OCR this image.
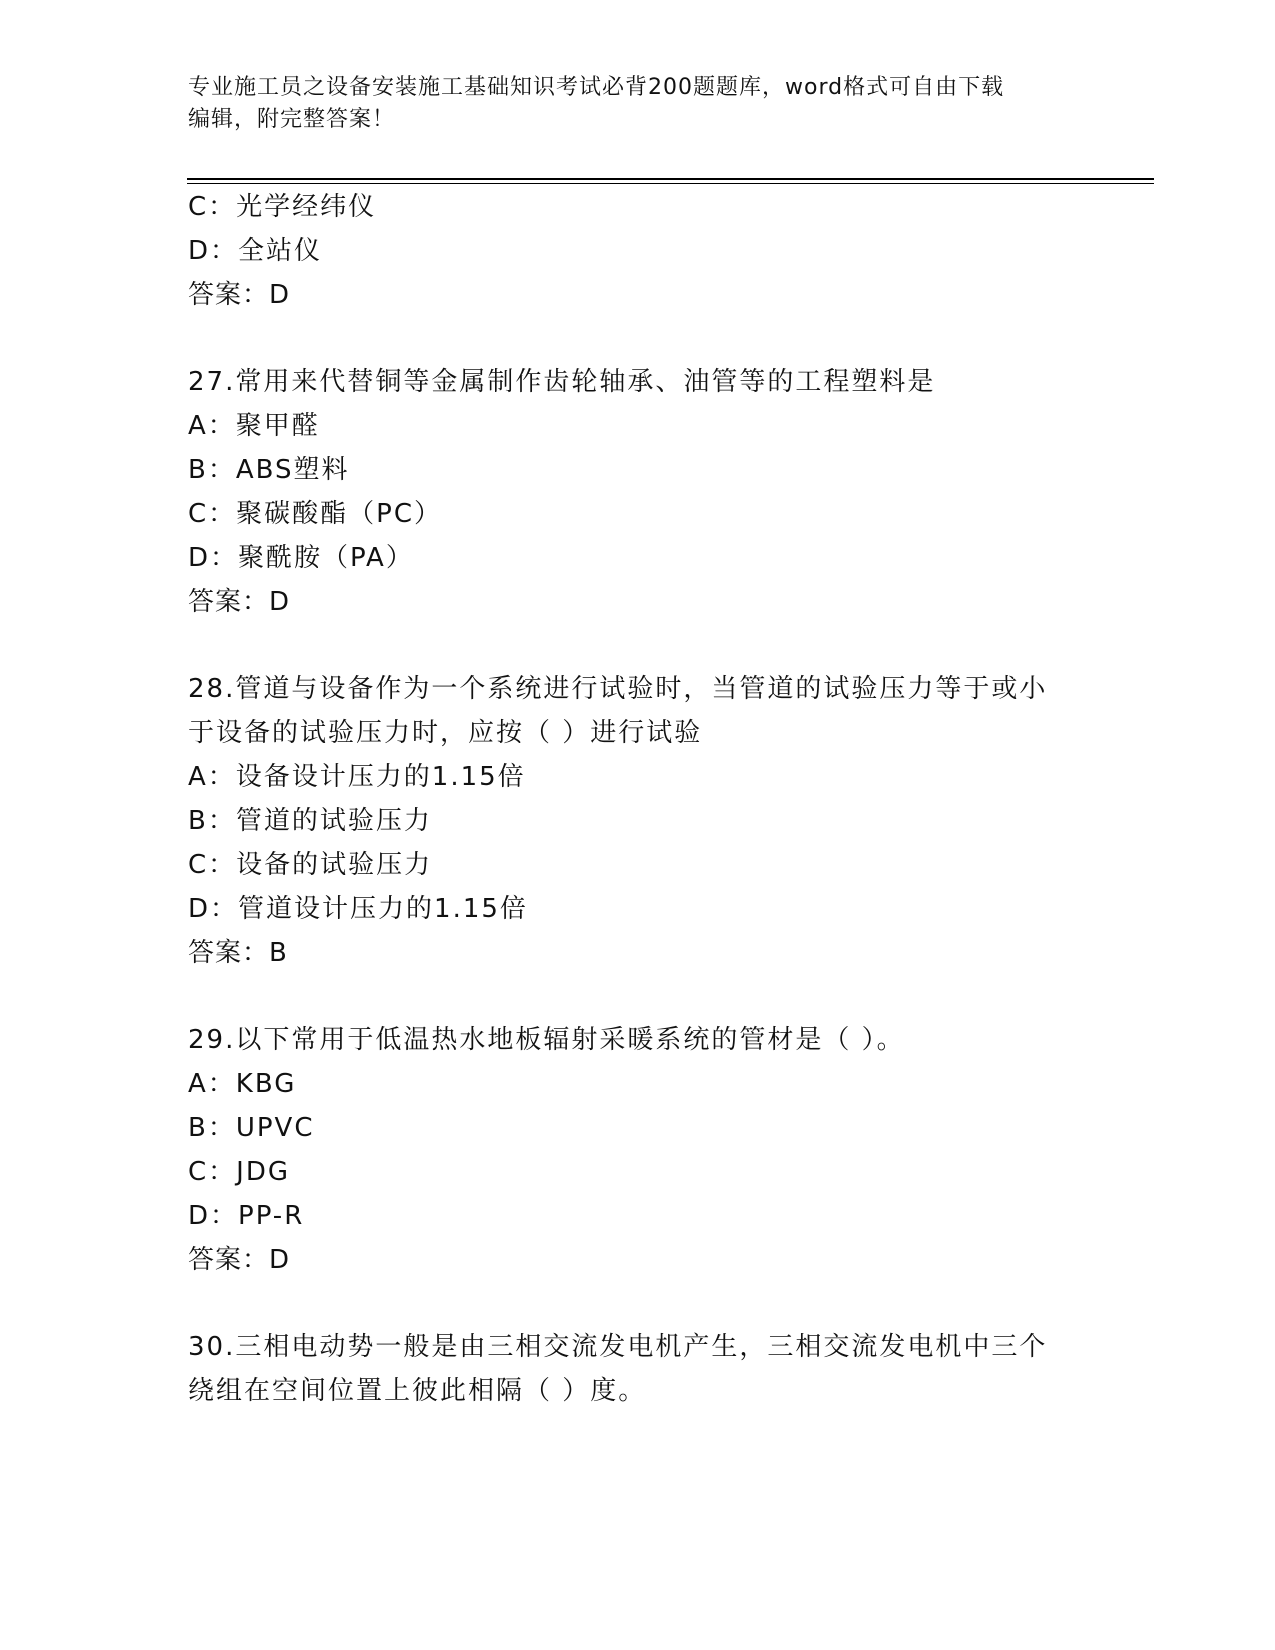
专业施工员之设备安装施工基础知识考试必背200题题库，word格式可自由下载
编辑，附完整答案！
C：光学经纬仪
D：全站仪
答案：D
27.常用来代替铜等金属制作齿轮轴承、油管等的工程塑料是
A：聚甲醛
B：ABS塑料
C：聚碳酸酯（PC）
D：聚酰胺（PA）
答案：D
28.管道与设备作为一个系统进行试验时，当管道的试验压力等于或小
于设备的试验压力时，应按（ ）进行试验
A：设备设计压力的1.15倍
B：管道的试验压力
C：设备的试验压力
D：管道设计压力的1.15倍
答案：B
29.以下常用于低温热水地板辐射采暖系统的管材是（ ）。
A：KBG
B：UPVC
C：JDG
D：PP-R
答案：D
30.三相电动势一般是由三相交流发电机产生，三相交流发电机中三个
绕组在空间位置上彼此相隔（ ）度。
